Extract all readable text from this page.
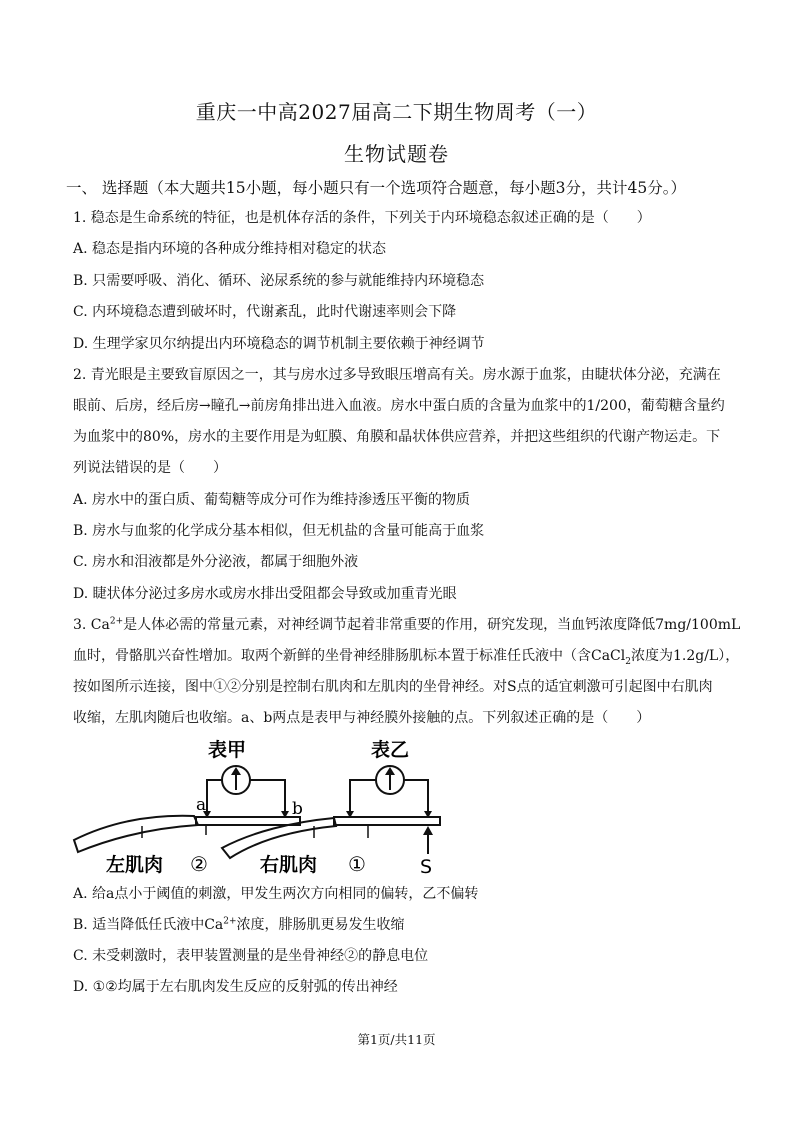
重庆一中高2027届高二下期生物周考（一）
生物试题卷
一、 选择题（本大题共15小题，每小题只有一个选项符合题意，每小题3分，共计45分。）
1. 稳态是生命系统的特征，也是机体存活的条件，下列关于内环境稳态叙述正确的是（　　）
A. 稳态是指内环境的各种成分维持相对稳定的状态
B. 只需要呼吸、消化、循环、泌尿系统的参与就能维持内环境稳态
C. 内环境稳态遭到破坏时，代谢紊乱，此时代谢速率则会下降
D. 生理学家贝尔纳提出内环境稳态的调节机制主要依赖于神经调节
2. 青光眼是主要致盲原因之一，其与房水过多导致眼压增高有关。房水源于血浆，由睫状体分泌，充满在
眼前、后房，经后房→瞳孔→前房角排出进入血液。房水中蛋白质的含量为血浆中的1/200，葡萄糖含量约
为血浆中的80%，房水的主要作用是为虹膜、角膜和晶状体供应营养，并把这些组织的代谢产物运走。下
列说法错误的是（　　）
A. 房水中的蛋白质、葡萄糖等成分可作为维持渗透压平衡的物质
B. 房水与血浆的化学成分基本相似，但无机盐的含量可能高于血浆
C. 房水和泪液都是外分泌液，都属于细胞外液
D. 睫状体分泌过多房水或房水排出受阻都会导致或加重青光眼
3. $Ca^{2+}$是人体必需的常量元素，对神经调节起着非常重要的作用，研究发现，当血钙浓度降低7mg/100mL
血时，骨骼肌兴奋性增加。取两个新鲜的坐骨神经腓肠肌标本置于标准任氏液中（含CaCl$_2$浓度为1.2g/L），
按如图所示连接，图中①②分别是控制右肌肉和左肌肉的坐骨神经。对S点的适宜刺激可引起图中右肌肉
收缩，左肌肉随后也收缩。a、b两点是表甲与神经膜外接触的点。下列叙述正确的是（　　）
表甲	表乙
a	b
左肌肉 ②	右肌肉 ①	S
A. 给a点小于阈值的刺激，甲发生两次方向相同的偏转，乙不偏转
B. 适当降低任氏液中$Ca^{2+}$浓度，腓肠肌更易发生收缩
C. 未受刺激时，表甲装置测量的是坐骨神经②的静息电位
D. ①②均属于左右肌肉发生反应的反射弧的传出神经
第1页/共11页
